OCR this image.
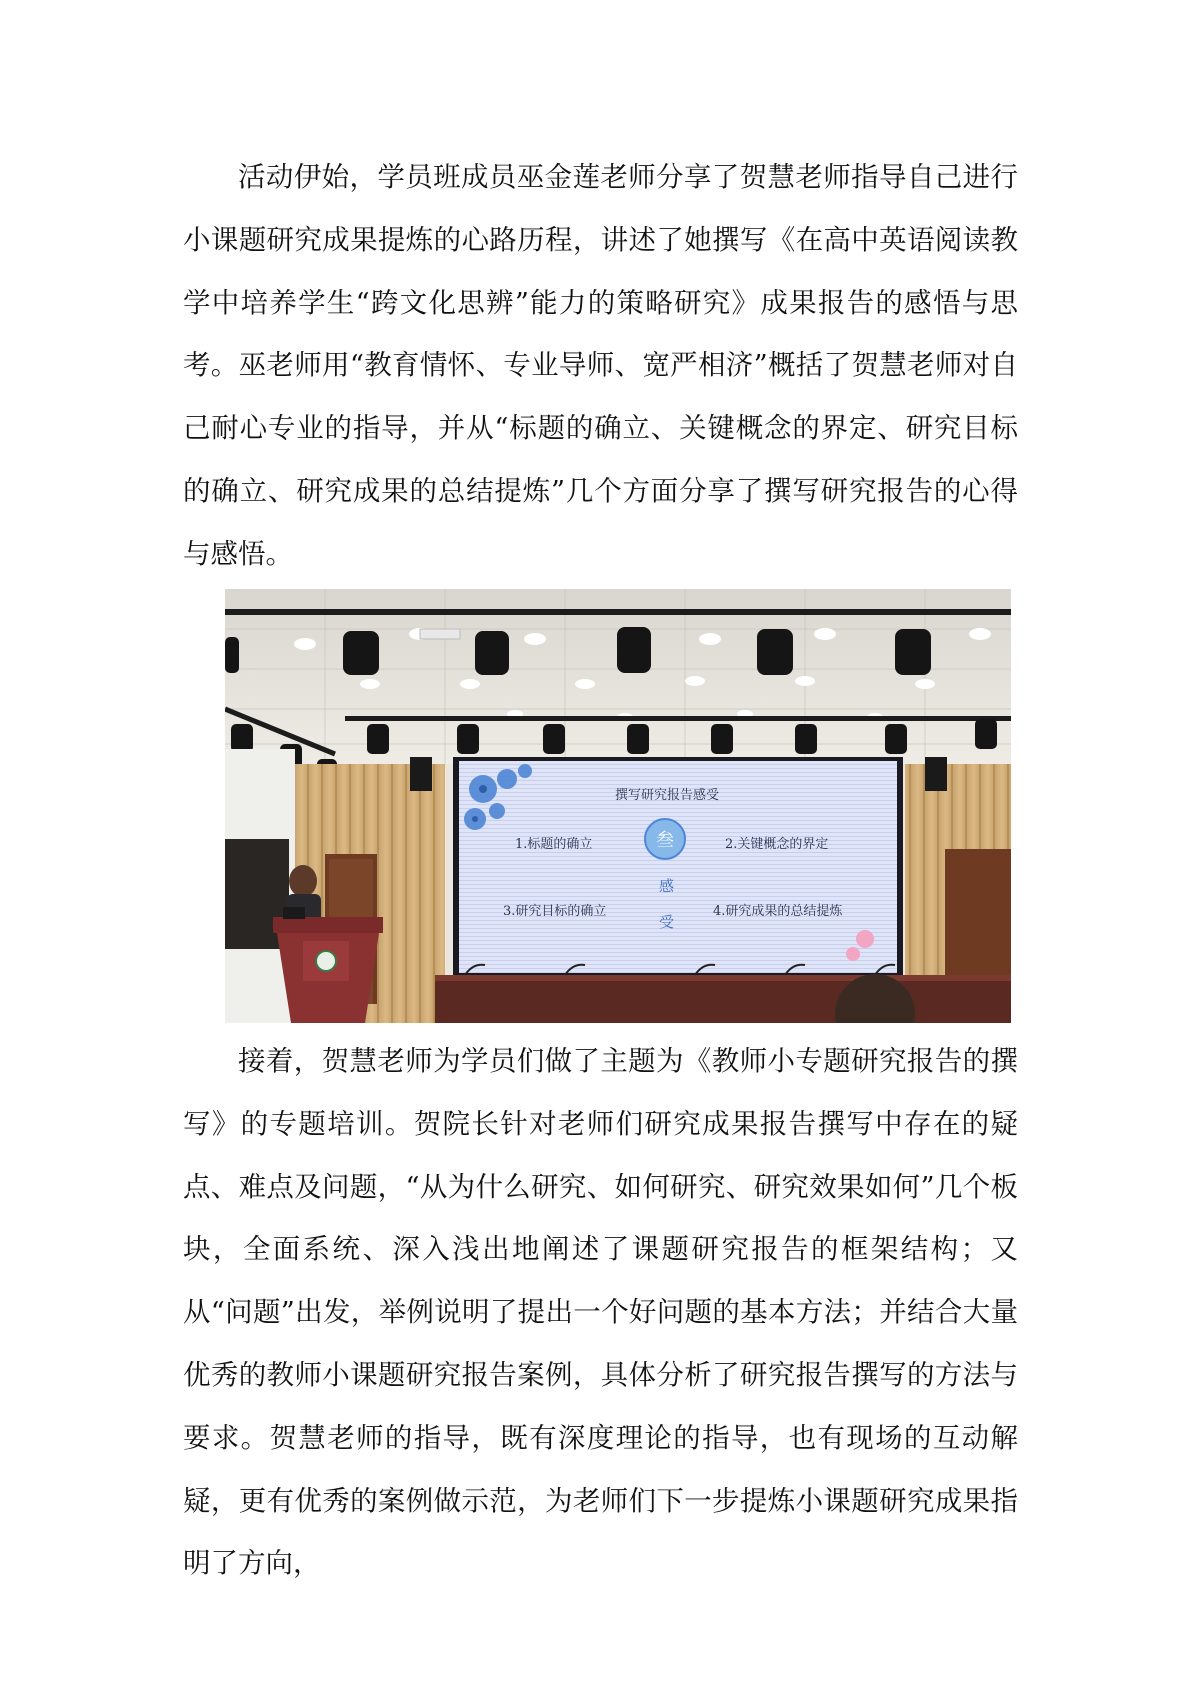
活动伊始，学员班成员巫金莲老师分享了贺慧老师指导自己进行小课题研究成果提炼的心路历程，讲述了她撰写《在高中英语阅读教学中培养学生“跨文化思辨”能力的策略研究》成果报告的感悟与思考。巫老师用“教育情怀、专业导师、宽严相济”概括了贺慧老师对自己耐心专业的指导，并从“标题的确立、关键概念的界定、研究目标的确立、研究成果的总结提炼”几个方面分享了撰写研究报告的心得与感悟。

撰写研究报告感受
叁
1.标题的确立	2.关键概念的界定
3.研究目标的确立	4.研究成果的总结提炼
感
受

接着，贺慧老师为学员们做了主题为《教师小专题研究报告的撰写》的专题培训。贺院长针对老师们研究成果报告撰写中存在的疑点、难点及问题，“从为什么研究、如何研究、研究效果如何”几个板块，全面系统、深入浅出地阐述了课题研究报告的框架结构；又从“问题”出发，举例说明了提出一个好问题的基本方法；并结合大量优秀的教师小课题研究报告案例，具体分析了研究报告撰写的方法与要求。贺慧老师的指导，既有深度理论的指导，也有现场的互动解疑，更有优秀的案例做示范，为老师们下一步提炼小课题研究成果指明了方向，
